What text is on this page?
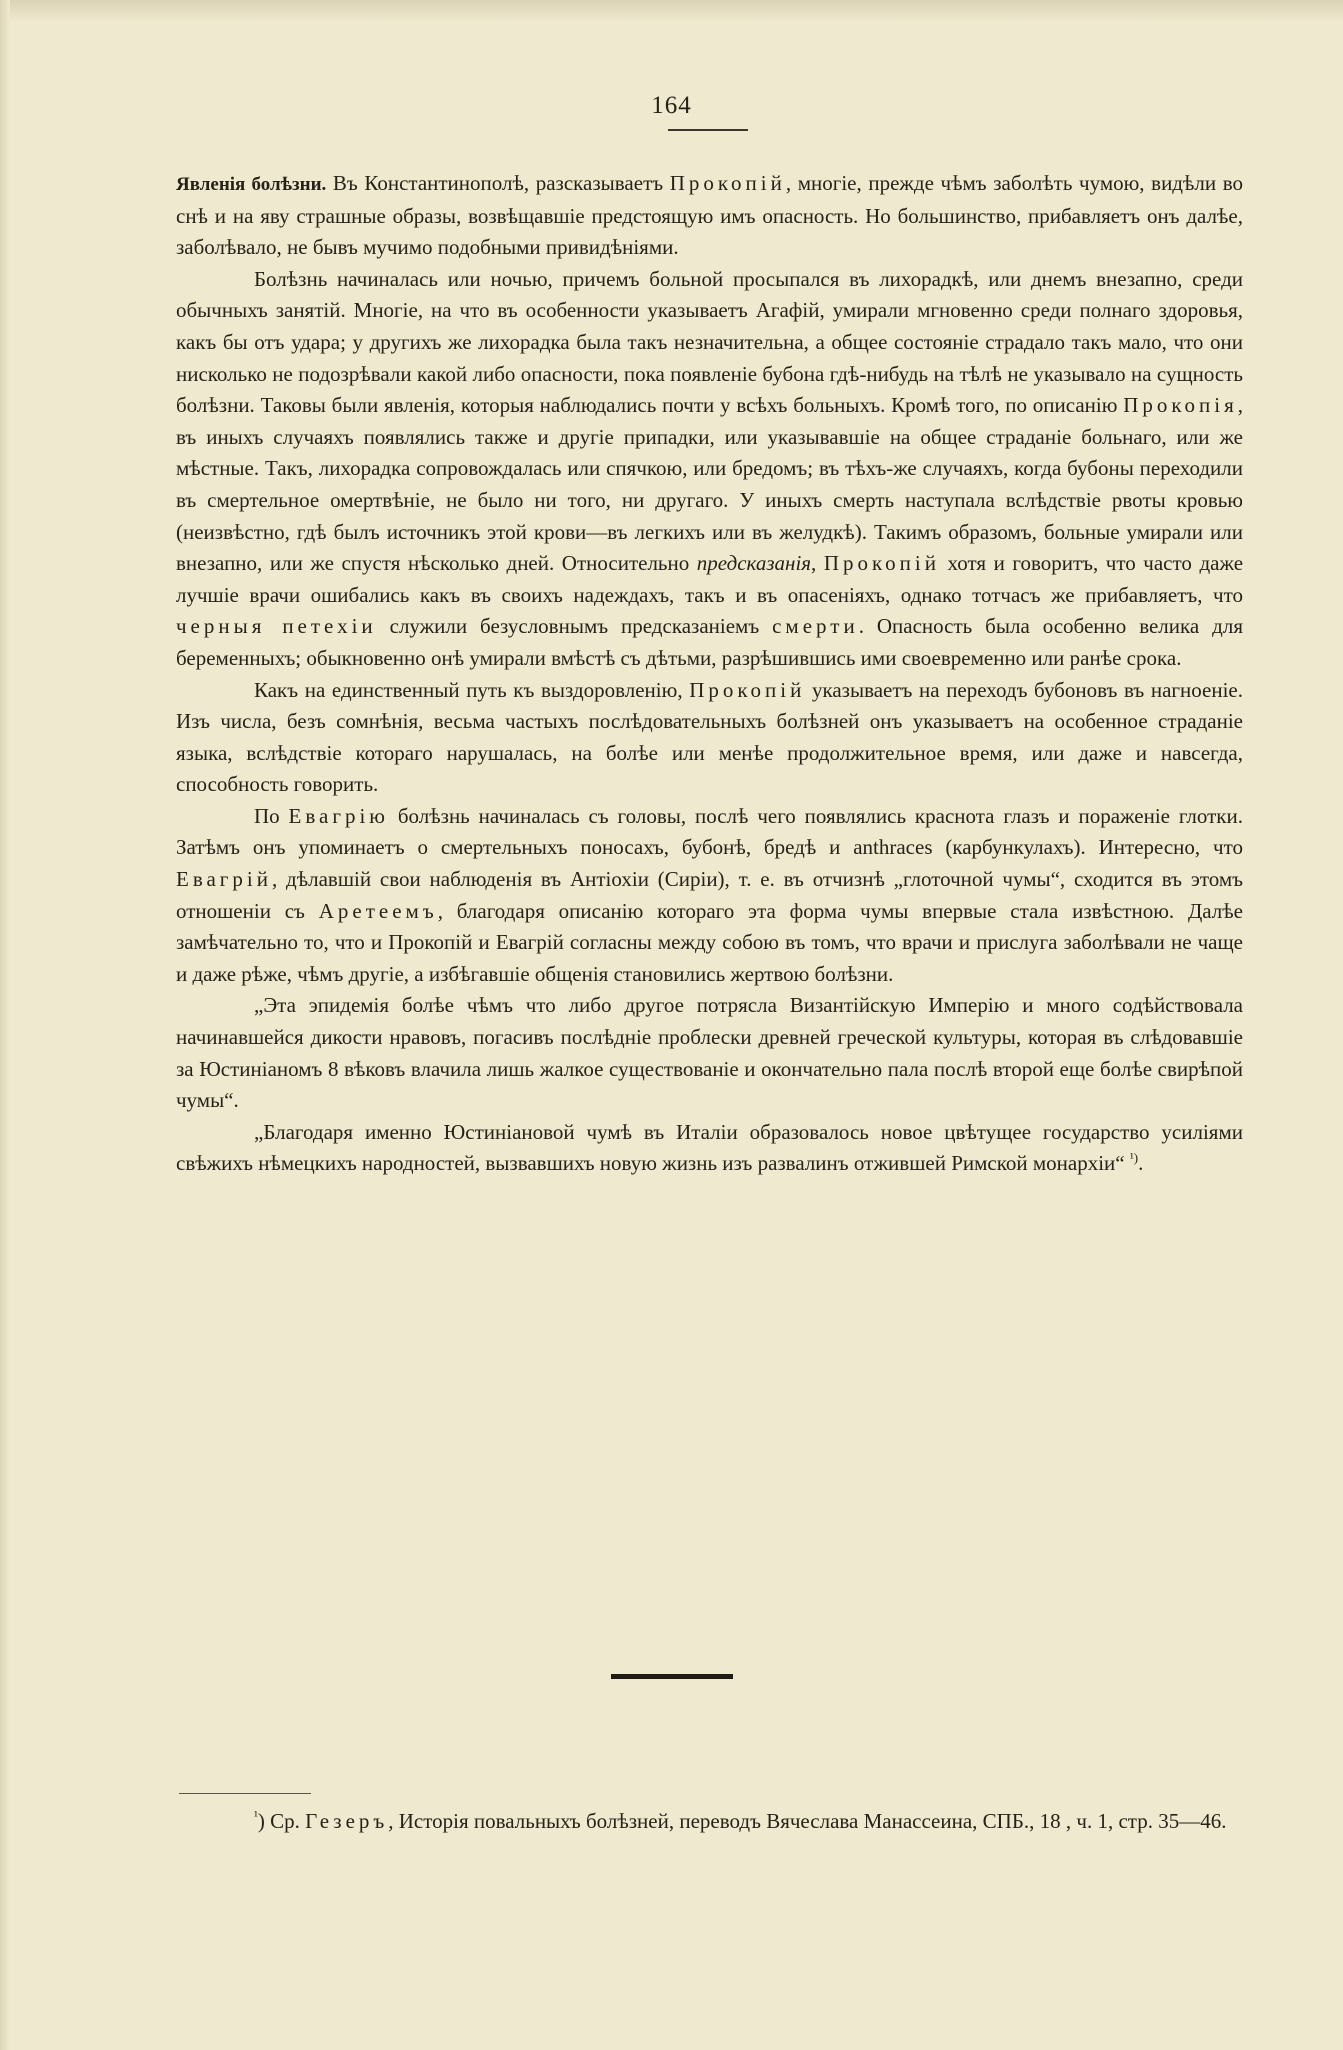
164

Явленія болѣзни. Въ Константинополѣ, разсказываетъ Прокопій, многіе, прежде чѣмъ заболѣть чумою, видѣли во снѣ и на яву страшные образы, возвѣщавшіе предстоящую имъ опасность. Но большинство, прибавляетъ онъ далѣе, заболѣвало, не бывъ мучимо подобными привидѣніями.

Болѣзнь начиналась или ночью, причемъ больной просыпался въ лихорадкѣ, или днемъ внезапно, среди обычныхъ занятій. Многіе, на что въ особенности указываетъ Агафій, умирали мгновенно среди полнаго здоровья, какъ бы отъ удара; у другихъ же лихорадка была такъ незначительна, а общее состояніе страдало такъ мало, что они нисколько не подозрѣвали какой либо опасности, пока появленіе бубона гдѣ-нибудь на тѣлѣ не указывало на сущность болѣзни. Таковы были явленія, которыя наблюдались почти у всѣхъ больныхъ. Кромѣ того, по описанію Прокопія, въ иныхъ случаяхъ появлялись также и другіе припадки, или указывавшіе на общее страданіе больнаго, или же мѣстные. Такъ, лихорадка сопровождалась или спячкою, или бредомъ; въ тѣхъ-же случаяхъ, когда бубоны переходили въ смертельное омертвѣніе, не было ни того, ни другаго. У иныхъ смерть наступала вслѣдствіе рвоты кровью (неизвѣстно, гдѣ былъ источникъ этой крови—въ легкихъ или въ желудкѣ). Такимъ образомъ, больные умирали или внезапно, или же спустя нѣсколько дней. Относительно предсказанія, Прокопій хотя и говоритъ, что часто даже лучшіе врачи ошибались какъ въ своихъ надеждахъ, такъ и въ опасеніяхъ, однако тотчасъ же прибавляетъ, что черныя петехіи служили безусловнымъ предсказаніемъ смерти. Опасность была особенно велика для беременныхъ; обыкновенно онѣ умирали вмѣстѣ съ дѣтьми, разрѣшившись ими своевременно или ранѣе срока.

Какъ на единственный путь къ выздоровленію, Прокопій указываетъ на переходъ бубоновъ въ нагноеніе. Изъ числа, безъ сомнѣнія, весьма частыхъ послѣдовательныхъ болѣзней онъ указываетъ на особенное страданіе языка, вслѣдствіе котораго нарушалась, на болѣе или менѣе продолжительное время, или даже и навсегда, способность говорить.

По Евагрію болѣзнь начиналась съ головы, послѣ чего появлялись краснота глазъ и пораженіе глотки. Затѣмъ онъ упоминаетъ о смертельныхъ поносахъ, бубонѣ, бредѣ и anthraces (карбункулахъ). Интересно, что Евагрій, дѣлавшій свои наблюденія въ Антіохіи (Сиріи), т. е. въ отчизнѣ „глоточной чумы“, сходится въ этомъ отношеніи съ Аретеемъ, благодаря описанію котораго эта форма чумы впервые стала извѣстною. Далѣе замѣчательно то, что и Прокопій и Евагрій согласны между собою въ томъ, что врачи и прислуга заболѣвали не чаще и даже рѣже, чѣмъ другіе, а избѣгавшіе общенія становились жертвою болѣзни.

„Эта эпидемія болѣе чѣмъ что либо другое потрясла Византійскую Имперію и много содѣйствовала начинавшейся дикости нравовъ, погасивъ послѣдніе проблески древней греческой культуры, которая въ слѣдовавшіе за Юстиніаномъ 8 вѣковъ влачила лишь жалкое существованіе и окончательно пала послѣ второй еще болѣе свирѣпой чумы“.

„Благодаря именно Юстиніановой чумѣ въ Италіи образовалось новое цвѣтущее государство усиліями свѣжихъ нѣмецкихъ народностей, вызвавшихъ новую жизнь изъ развалинъ отжившей Римской монархіи“ $^{^1)}$.

$^{^1}$) Ср. Гезеръ, Исторія повальныхъ болѣзней, переводъ Вячеслава Манассеина, СПБ., 18 , ч. 1, стр. 35—46.
